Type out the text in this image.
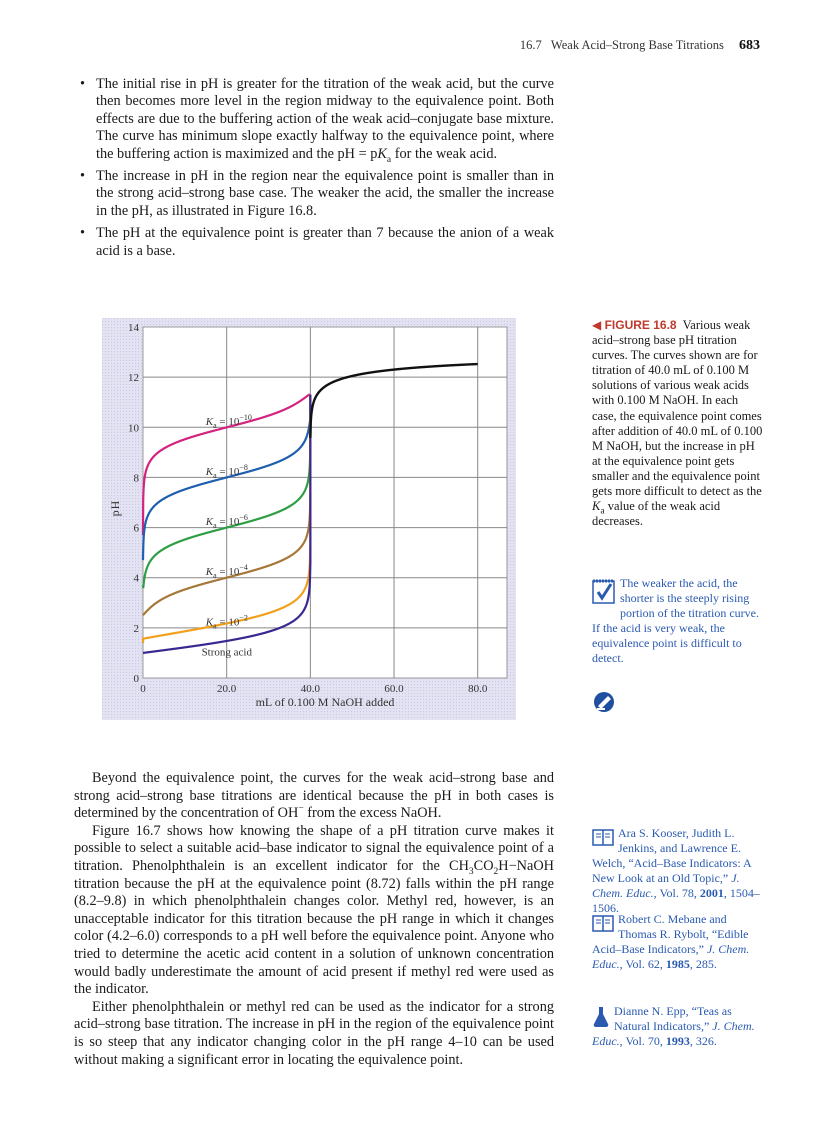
16.7 Weak Acid–Strong Base Titrations 683
• The initial rise in pH is greater for the titration of the weak acid, but the curve then becomes more level in the region midway to the equivalence point. Both effects are due to the buffering action of the weak acid–conjugate base mixture. The curve has minimum slope exactly halfway to the equivalence point, where the buffering action is maximized and the pH = $pK_a$ for the weak acid.
• The increase in pH in the region near the equivalence point is smaller than in the strong acid–strong base case. The weaker the acid, the smaller the increase in the pH, as illustrated in Figure 16.8.
• The pH at the equivalence point is greater than 7 because the anion of a weak acid is a base.
0	20.0	40.0	60.0	80.0
0
2
4
6
8
10
12
14
$K_a = 10^{-10}$
$K_a = 10^{-8}$
$K_a = 10^{-6}$
$K_a = 10^{-4}$
$K_a = 10^{-2}$
Strong acid
pH
mL of 0.100 M NaOH added
◀ FIGURE 16.8 Various weak acid–strong base pH titration curves. The curves shown are for titration of 40.0 mL of 0.100 M solutions of various weak acids with 0.100 M NaOH. In each case, the equivalence point comes after addition of 40.0 mL of 0.100 M NaOH, but the increase in pH at the equivalence point gets smaller and the equivalence point gets more difficult to detect as the $K_a$ value of the weak acid decreases.
The weaker the acid, the shorter is the steeply rising portion of the titration curve. If the acid is very weak, the equivalence point is difficult to detect.
Ara S. Kooser, Judith L. Jenkins, and Lawrence E. Welch, “Acid–Base Indicators: A New Look at an Old Topic,” J. Chem. Educ., Vol. 78, 2001, 1504–1506.
Robert C. Mebane and Thomas R. Rybolt, “Edible Acid–Base Indicators,” J. Chem. Educ., Vol. 62, 1985, 285.
Dianne N. Epp, “Teas as Natural Indicators,” J. Chem. Educ., Vol. 70, 1993, 326.

Beyond the equivalence point, the curves for the weak acid–strong base and strong acid–strong base titrations are identical because the pH in both cases is determined by the concentration of OH− from the excess NaOH.

Figure 16.7 shows how knowing the shape of a pH titration curve makes it possible to select a suitable acid–base indicator to signal the equivalence point of a titration. Phenolphthalein is an excellent indicator for the $CH_3CO_2H-NaOH$ titration because the pH at the equivalence point (8.72) falls within the pH range (8.2–9.8) in which phenolphthalein changes color. Methyl red, however, is an unacceptable indicator for this titration because the pH range in which it changes color (4.2–6.0) corresponds to a pH well before the equivalence point. Anyone who tried to determine the acetic acid content in a solution of unknown concentration would badly underestimate the amount of acid present if methyl red were used as the indicator.

Either phenolphthalein or methyl red can be used as the indicator for a strong acid–strong base titration. The increase in pH in the region of the equivalence point is so steep that any indicator changing color in the pH range 4–10 can be used without making a significant error in locating the equivalence point.
